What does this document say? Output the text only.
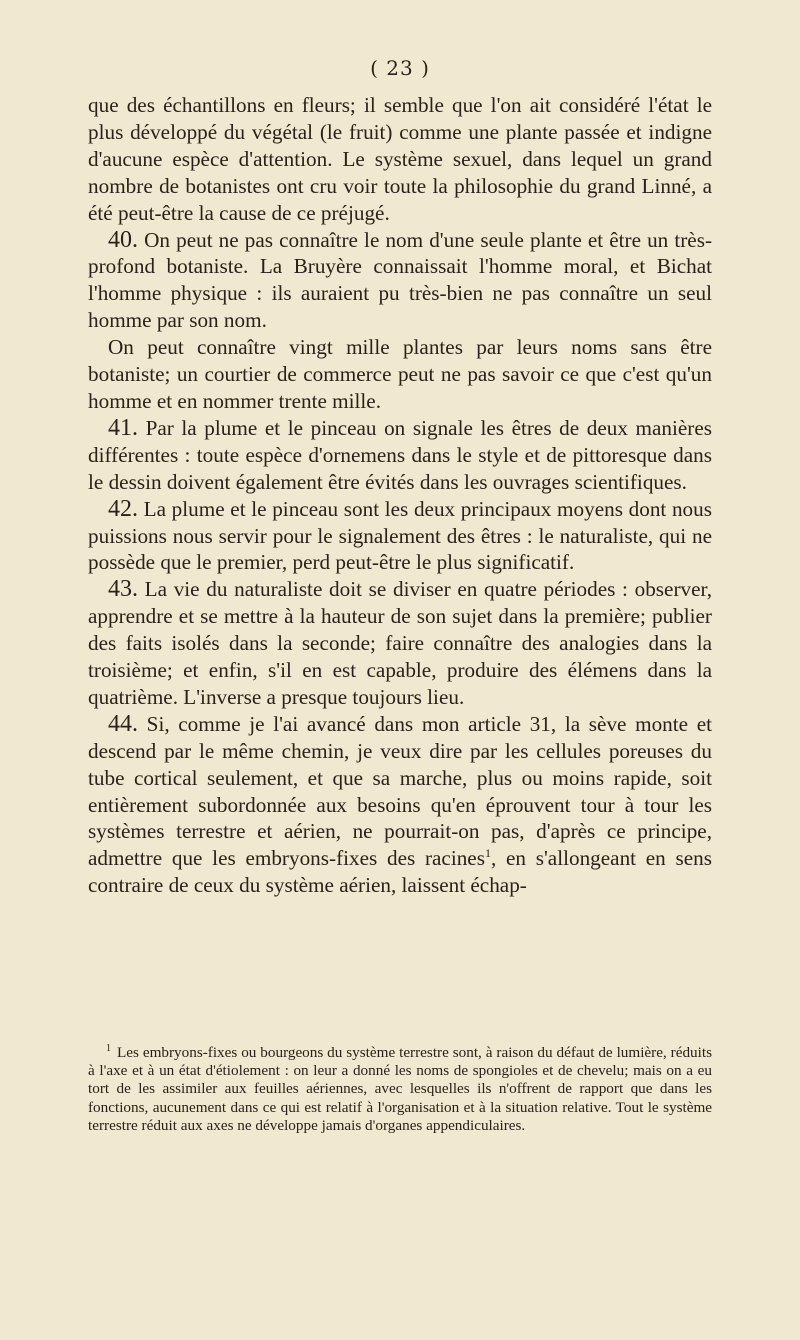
( 23 )

que des échantillons en fleurs; il semble que l'on ait considéré l'état le plus développé du végétal (le fruit) comme une plante passée et indigne d'aucune espèce d'attention. Le système sexuel, dans lequel un grand nombre de botanistes ont cru voir toute la philosophie du grand Linné, a été peut-être la cause de ce préjugé.

40. On peut ne pas connaître le nom d'une seule plante et être un très-profond botaniste. La Bruyère connaissait l'homme moral, et Bichat l'homme physique : ils auraient pu très-bien ne pas connaître un seul homme par son nom.

On peut connaître vingt mille plantes par leurs noms sans être botaniste; un courtier de commerce peut ne pas savoir ce que c'est qu'un homme et en nommer trente mille.

41. Par la plume et le pinceau on signale les êtres de deux manières différentes : toute espèce d'ornemens dans le style et de pittoresque dans le dessin doivent également être évités dans les ouvrages scientifiques.

42. La plume et le pinceau sont les deux principaux moyens dont nous puissions nous servir pour le signalement des êtres : le naturaliste, qui ne possède que le premier, perd peut-être le plus significatif.

43. La vie du naturaliste doit se diviser en quatre périodes : observer, apprendre et se mettre à la hauteur de son sujet dans la première; publier des faits isolés dans la seconde; faire connaître des analogies dans la troisième; et enfin, s'il en est capable, produire des élémens dans la quatrième. L'inverse a presque toujours lieu.

44. Si, comme je l'ai avancé dans mon article 31, la sève monte et descend par le même chemin, je veux dire par les cellules poreuses du tube cortical seulement, et que sa marche, plus ou moins rapide, soit entièrement subordonnée aux besoins qu'en éprouvent tour à tour les systèmes terrestre et aérien, ne pourrait-on pas, d'après ce principe, admettre que les embryons-fixes des racines$^1$, en s'allongeant en sens contraire de ceux du système aérien, laissent échap-

$^1$ Les embryons-fixes ou bourgeons du système terrestre sont, à raison du défaut de lumière, réduits à l'axe et à un état d'étiolement : on leur a donné les noms de spongioles et de chevelu; mais on a eu tort de les assimiler aux feuilles aériennes, avec lesquelles ils n'offrent de rapport que dans les fonctions, aucunement dans ce qui est relatif à l'organisation et à la situation relative. Tout le système terrestre réduit aux axes ne développe jamais d'organes appendiculaires.
